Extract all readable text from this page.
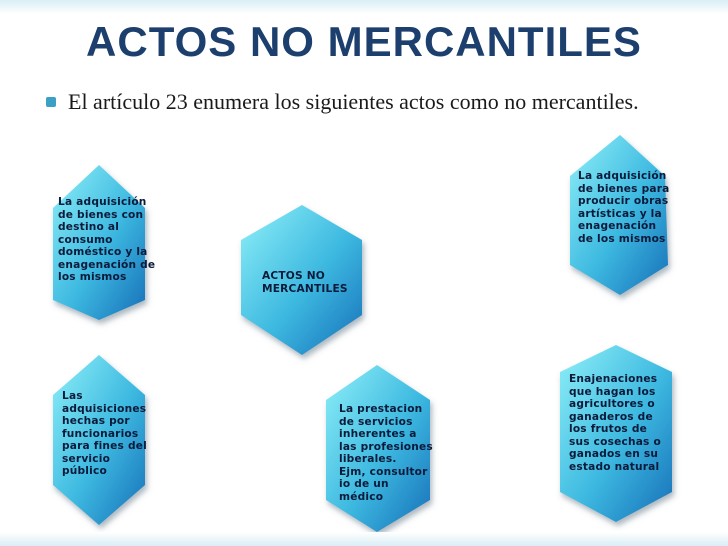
ACTOS NO MERCANTILES
El artículo 23 enumera los siguientes actos como no mercantiles.
La adquisición
de bienes con
destino al
consumo
doméstico y la
enagenación de
los mismos
La adquisición
de bienes para
producir obras
artísticas y la
enagenación
de los mismos
ACTOS NO
MERCANTILES
Las
adquisiciones
hechas por
funcionarios
para fines del
servicio
público
La prestacion
de servicios
inherentes a
las profesiones
liberales.
Ejm, consultor
io de un
médico
Enajenaciones
que hagan los
agricultores o
ganaderos de
los frutos de
sus cosechas o
ganados en su
estado natural
